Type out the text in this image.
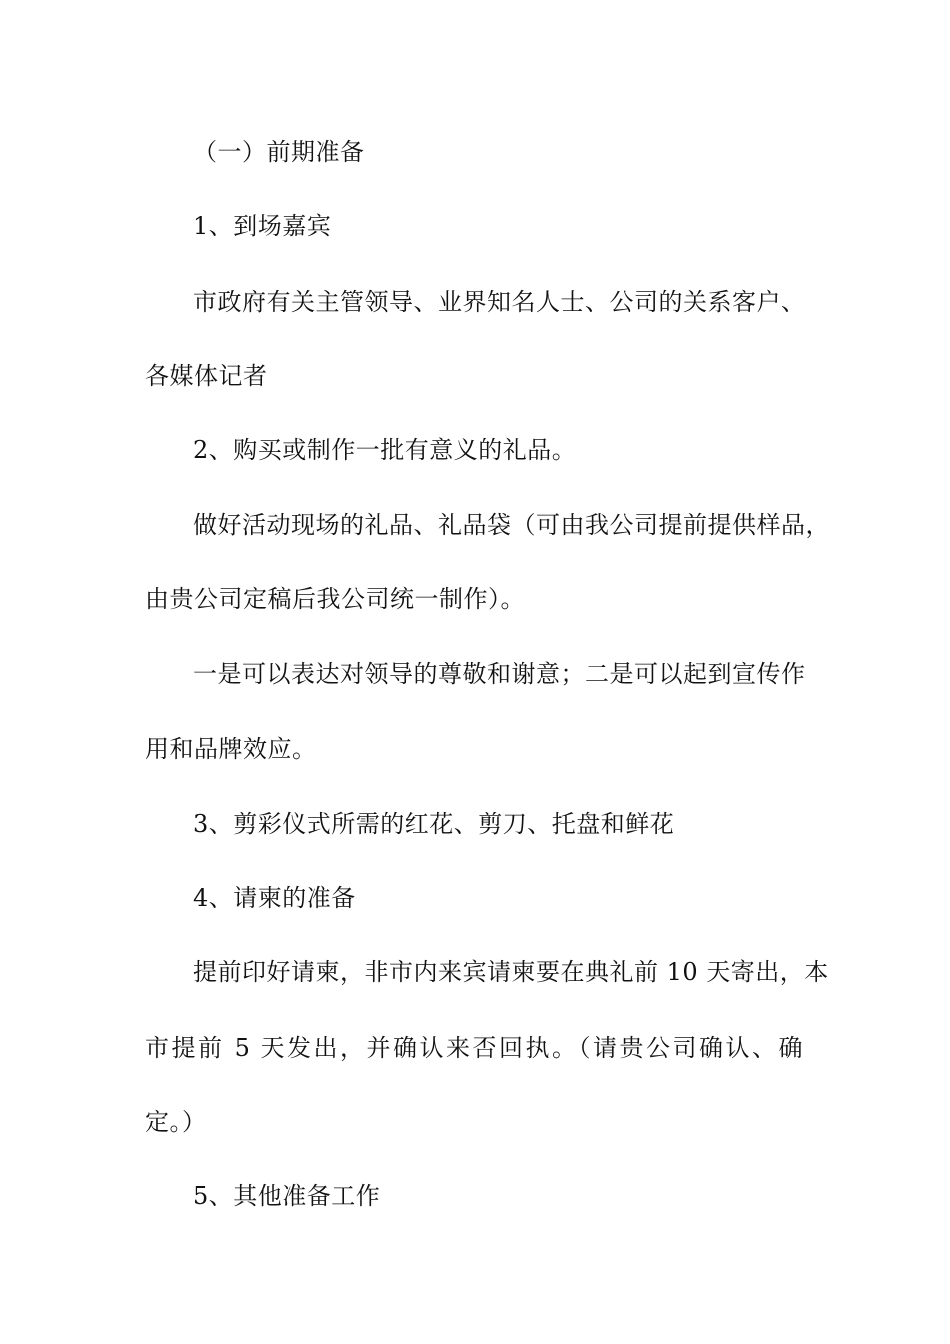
（一）前期准备
1、到场嘉宾
市政府有关主管领导、业界知名人士、公司的关系客户、
各媒体记者
2、购买或制作一批有意义的礼品。
做好活动现场的礼品、礼品袋（可由我公司提前提供样品，
由贵公司定稿后我公司统一制作）。
一是可以表达对领导的尊敬和谢意；二是可以起到宣传作
用和品牌效应。
3、剪彩仪式所需的红花、剪刀、托盘和鲜花
4、请柬的准备
提前印好请柬，非市内来宾请柬要在典礼前 10 天寄出，本
市提前 5 天发出，并确认来否回执。（请贵公司确认、确
定。）
5、其他准备工作
